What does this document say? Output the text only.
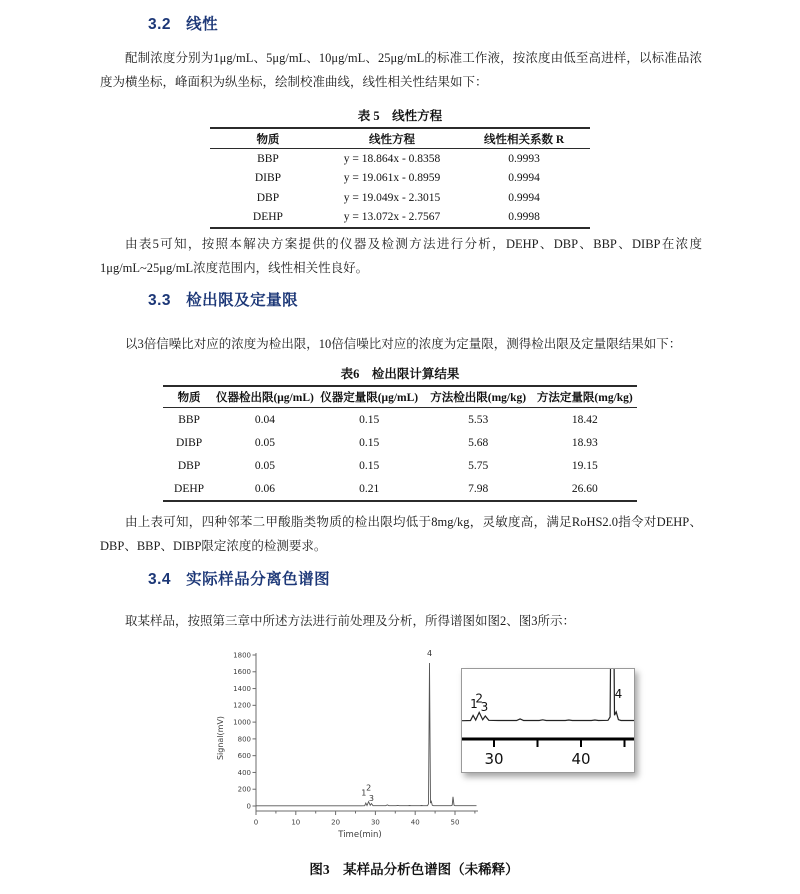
3.2 线性
配制浓度分别为1μg/mL、5μg/mL、10μg/mL、25μg/mL的标准工作液，按浓度由低至高进样，以标准品浓度为横坐标，峰面积为纵坐标，绘制校准曲线，线性相关性结果如下：
表 5　线性方程
物质	线性方程	线性相关系数 R
BBP	y = 18.864x - 0.8358	0.9993
DIBP	y = 19.061x - 0.8959	0.9994
DBP	y = 19.049x - 2.3015	0.9994
DEHP	y = 13.072x - 2.7567	0.9998
由表5可知，按照本解决方案提供的仪器及检测方法进行分析，DEHP、DBP、BBP、DIBP在浓度1μg/mL~25μg/mL浓度范围内，线性相关性良好。
3.3 检出限及定量限
以3倍信噪比对应的浓度为检出限，10倍信噪比对应的浓度为定量限，测得检出限及定量限结果如下：
表6　检出限计算结果
物质	仪器检出限(μg/mL)	仪器定量限(μg/mL)	方法检出限(mg/kg)	方法定量限(mg/kg)
BBP	0.04	0.15	5.53	18.42
DIBP	0.05	0.15	5.68	18.93
DBP	0.05	0.15	5.75	19.15
DEHP	0.06	0.21	7.98	26.60
由上表可知，四种邻苯二甲酸脂类物质的检出限均低于8mg/kg，灵敏度高，满足RoHS2.0指令对DEHP、DBP、BBP、DIBP限定浓度的检测要求。
3.4 实际样品分离色谱图
取某样品，按照第三章中所述方法进行前处理及分析，所得谱图如图2、图3所示：
0
200
400
600
800
1000
1200
1400
1600
1800
0	10	20	30	40	50
Signal(mV)
Time(min)
1
2
3
4
30	40
1
2
3
4
图3　某样品分析色谱图（未稀释）
